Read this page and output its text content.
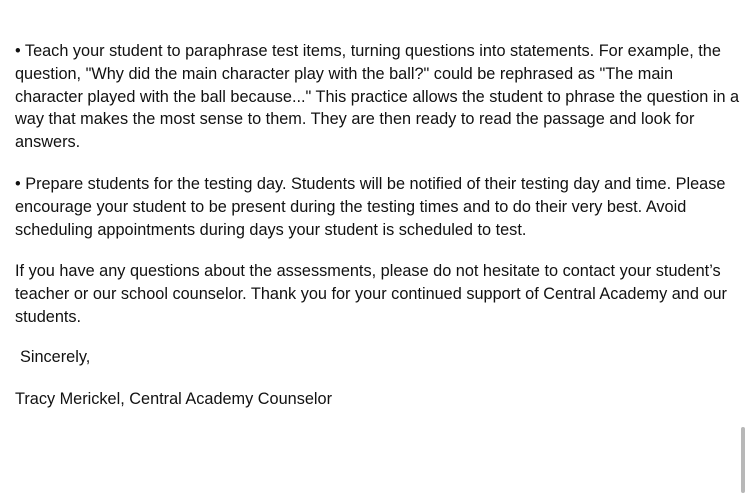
• Teach your student to paraphrase test items, turning questions into statements. For example, the question, "Why did the main character play with the ball?" could be rephrased as "The main character played with the ball because..." This practice allows the student to phrase the question in a way that makes the most sense to them. They are then ready to read the passage and look for answers.

• Prepare students for the testing day. Students will be notified of their testing day and time. Please encourage your student to be present during the testing times and to do their very best. Avoid scheduling appointments during days your student is scheduled to test.

If you have any questions about the assessments, please do not hesitate to contact your student’s teacher or our school counselor. Thank you for your continued support of Central Academy and our students.

Sincerely,

Tracy Merickel, Central Academy Counselor
